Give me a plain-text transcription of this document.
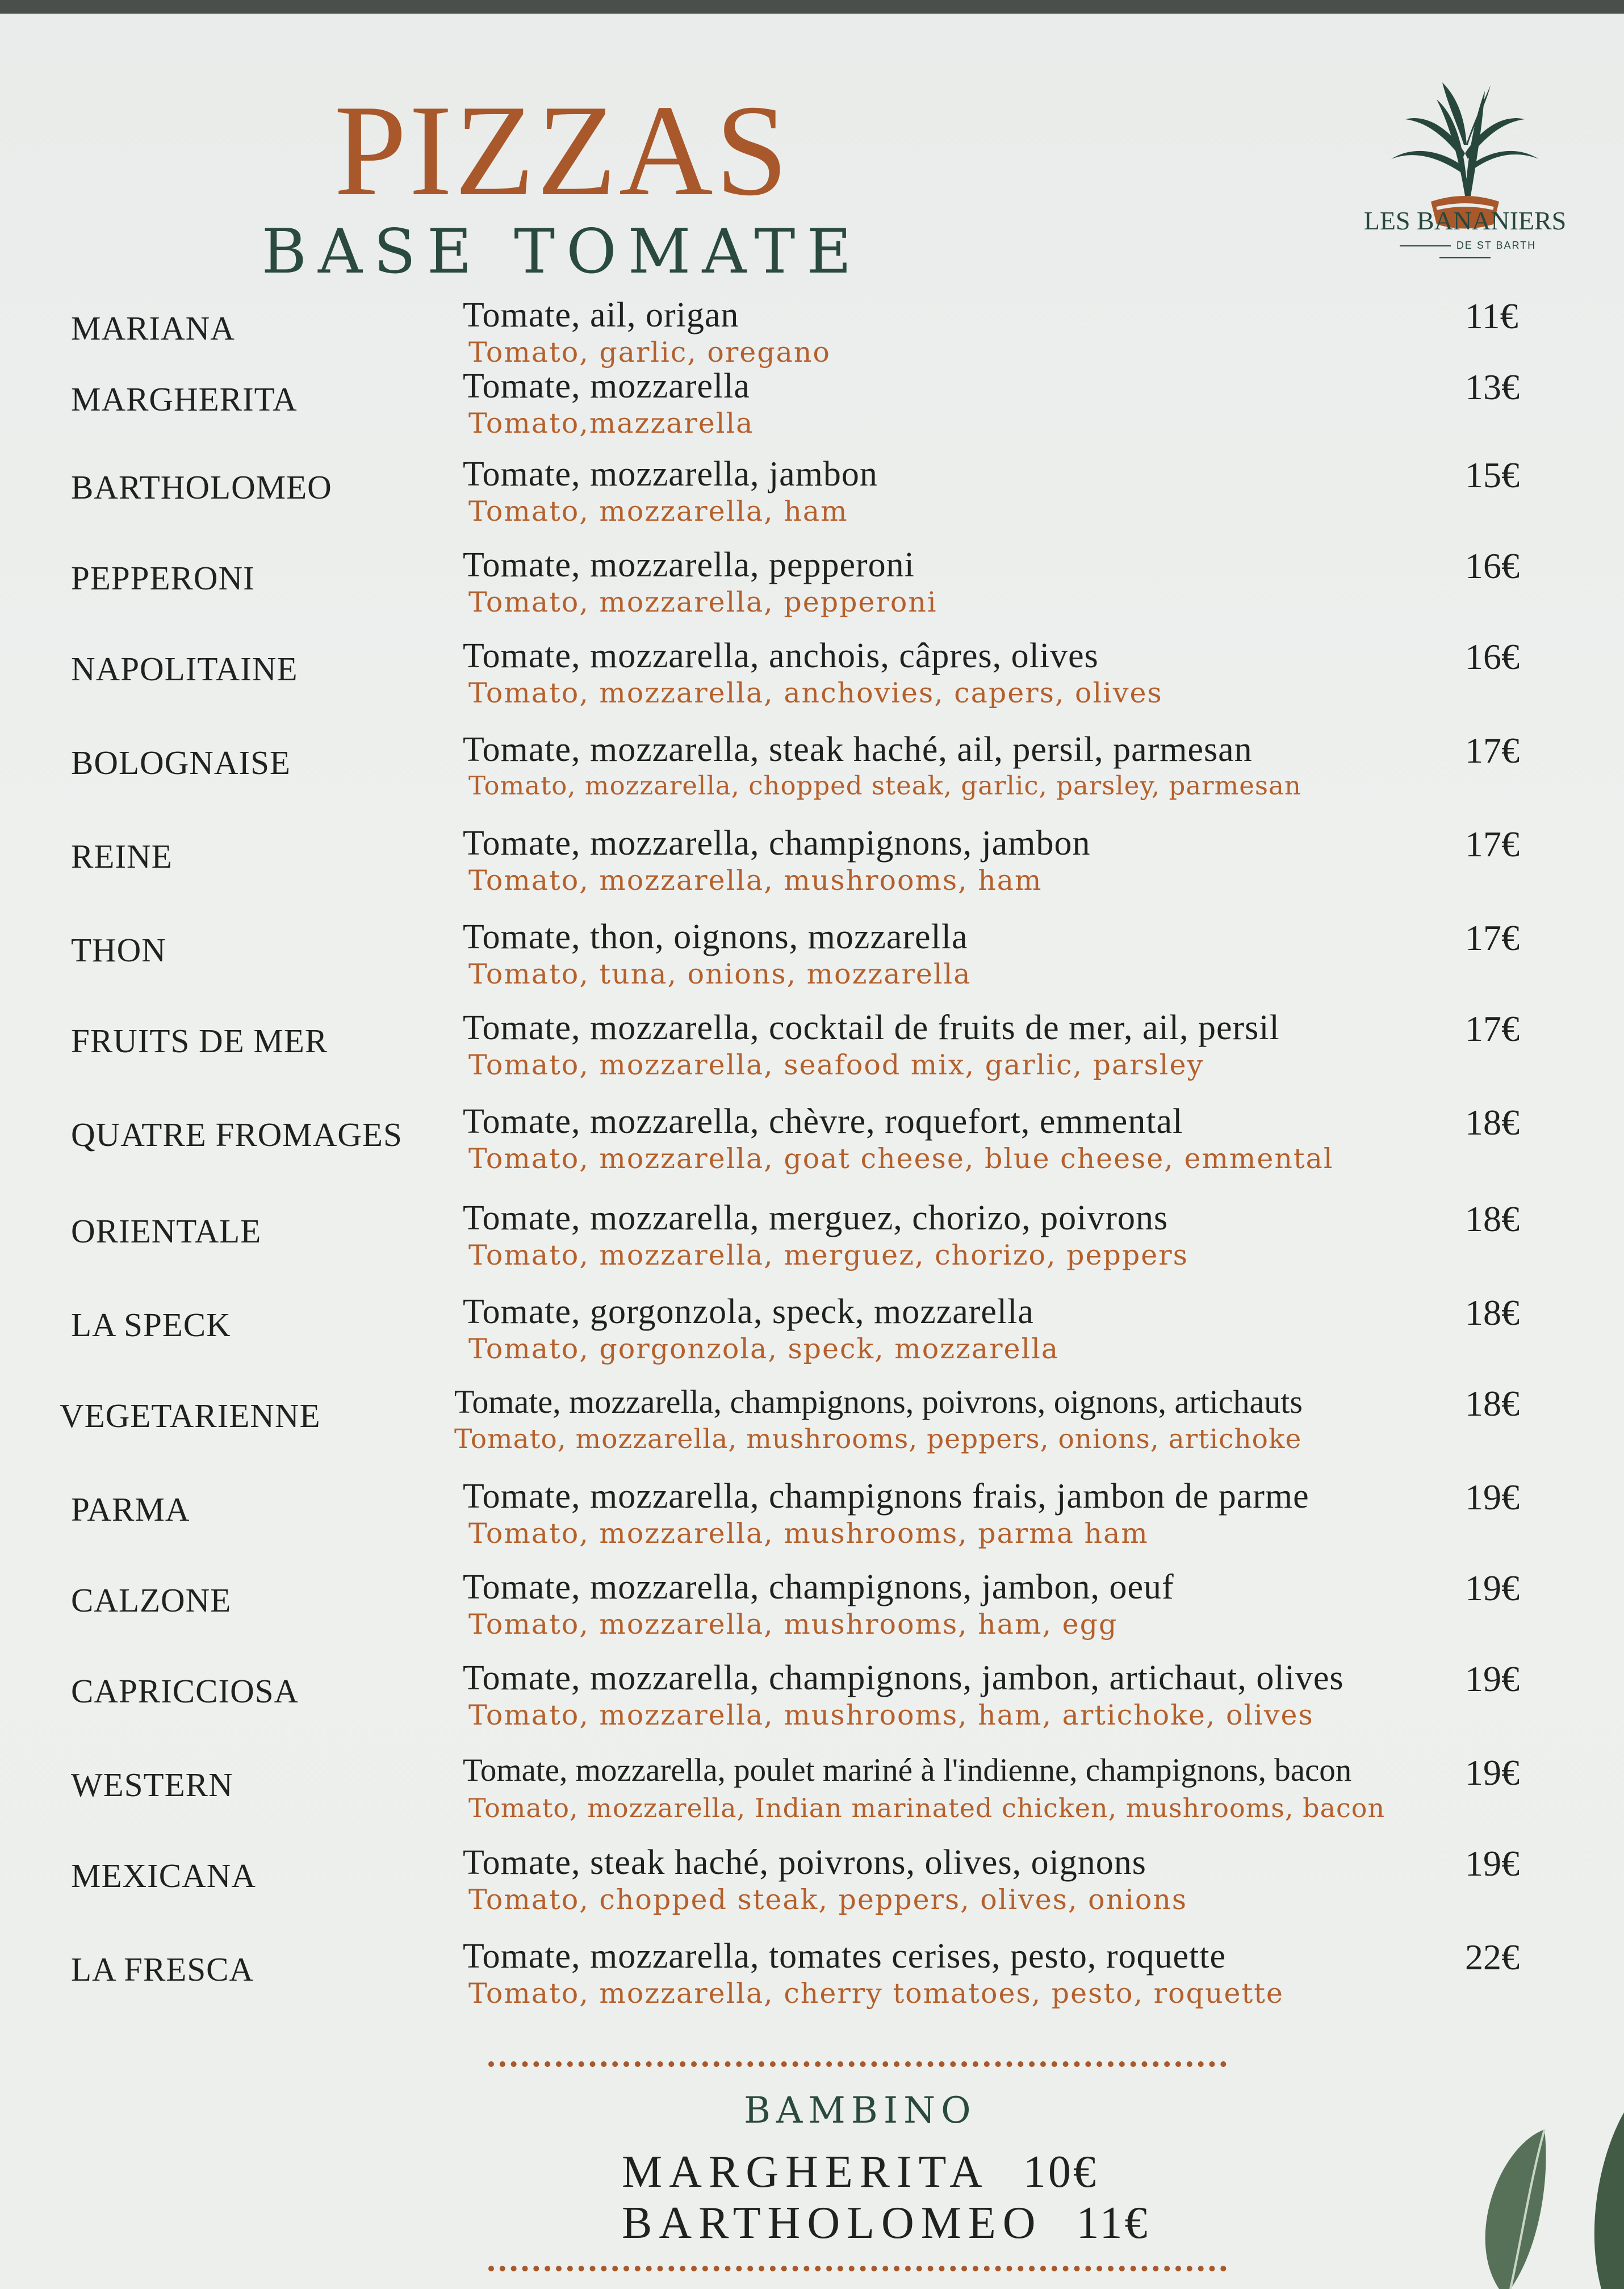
PIZZAS
BASE TOMATE	LES BANANIERS
DE ST BARTH
MARIANA	Tomate, ail, origan
Tomato, garlic, oregano
11€
MARGHERITA	Tomate, mozzarella
Tomato,mazzarella
13€
BARTHOLOMEO	Tomate, mozzarella, jambon
Tomato, mozzarella, ham
15€
PEPPERONI	Tomate, mozzarella, pepperoni
Tomato, mozzarella, pepperoni
16€
NAPOLITAINE	Tomate, mozzarella, anchois, câpres, olives
Tomato, mozzarella, anchovies, capers, olives
16€
BOLOGNAISE	Tomate, mozzarella, steak haché, ail, persil, parmesan
Tomato, mozzarella, chopped steak, garlic, parsley, parmesan
17€
REINE	Tomate, mozzarella, champignons, jambon
Tomato, mozzarella, mushrooms, ham
17€
THON	Tomate, thon, oignons, mozzarella
Tomato, tuna, onions, mozzarella
17€
FRUITS DE MER	Tomate, mozzarella, cocktail de fruits de mer, ail, persil
Tomato, mozzarella, seafood mix, garlic, parsley
17€
QUATRE FROMAGES Tomate, mozzarella, chèvre, roquefort, emmental
Tomato, mozzarella, goat cheese, blue cheese, emmental
18€
ORIENTALE	Tomate, mozzarella, merguez, chorizo, poivrons
Tomato, mozzarella, merguez, chorizo, peppers
18€
LA SPECK	Tomate, gorgonzola, speck, mozzarella
Tomato, gorgonzola, speck, mozzarella
18€
VEGETARIENNE	Tomate, mozzarella, champignons, poivrons, oignons, artichauts
Tomato, mozzarella, mushrooms, peppers, onions, artichoke
18€
PARMA	Tomate, mozzarella, champignons frais, jambon de parme
Tomato, mozzarella, mushrooms, parma ham
19€
CALZONE	Tomate, mozzarella, champignons, jambon, oeuf
Tomato, mozzarella, mushrooms, ham, egg
19€
CAPRICCIOSA	Tomate, mozzarella, champignons, jambon, artichaut, olives
Tomato, mozzarella, mushrooms, ham, artichoke, olives
19€
WESTERN	Tomate, mozzarella, poulet mariné à l'indienne, champignons, bacon
Tomato, mozzarella, Indian marinated chicken, mushrooms, bacon
19€
MEXICANA	Tomate, steak haché, poivrons, olives, oignons
Tomato, chopped steak, peppers, olives, onions
19€
LA FRESCA	Tomate, mozzarella, tomates cerises, pesto, roquette
Tomato, mozzarella, cherry tomatoes, pesto, roquette
22€
BAMBINO
MARGHERITA 10€
BARTHOLOMEO 11€
